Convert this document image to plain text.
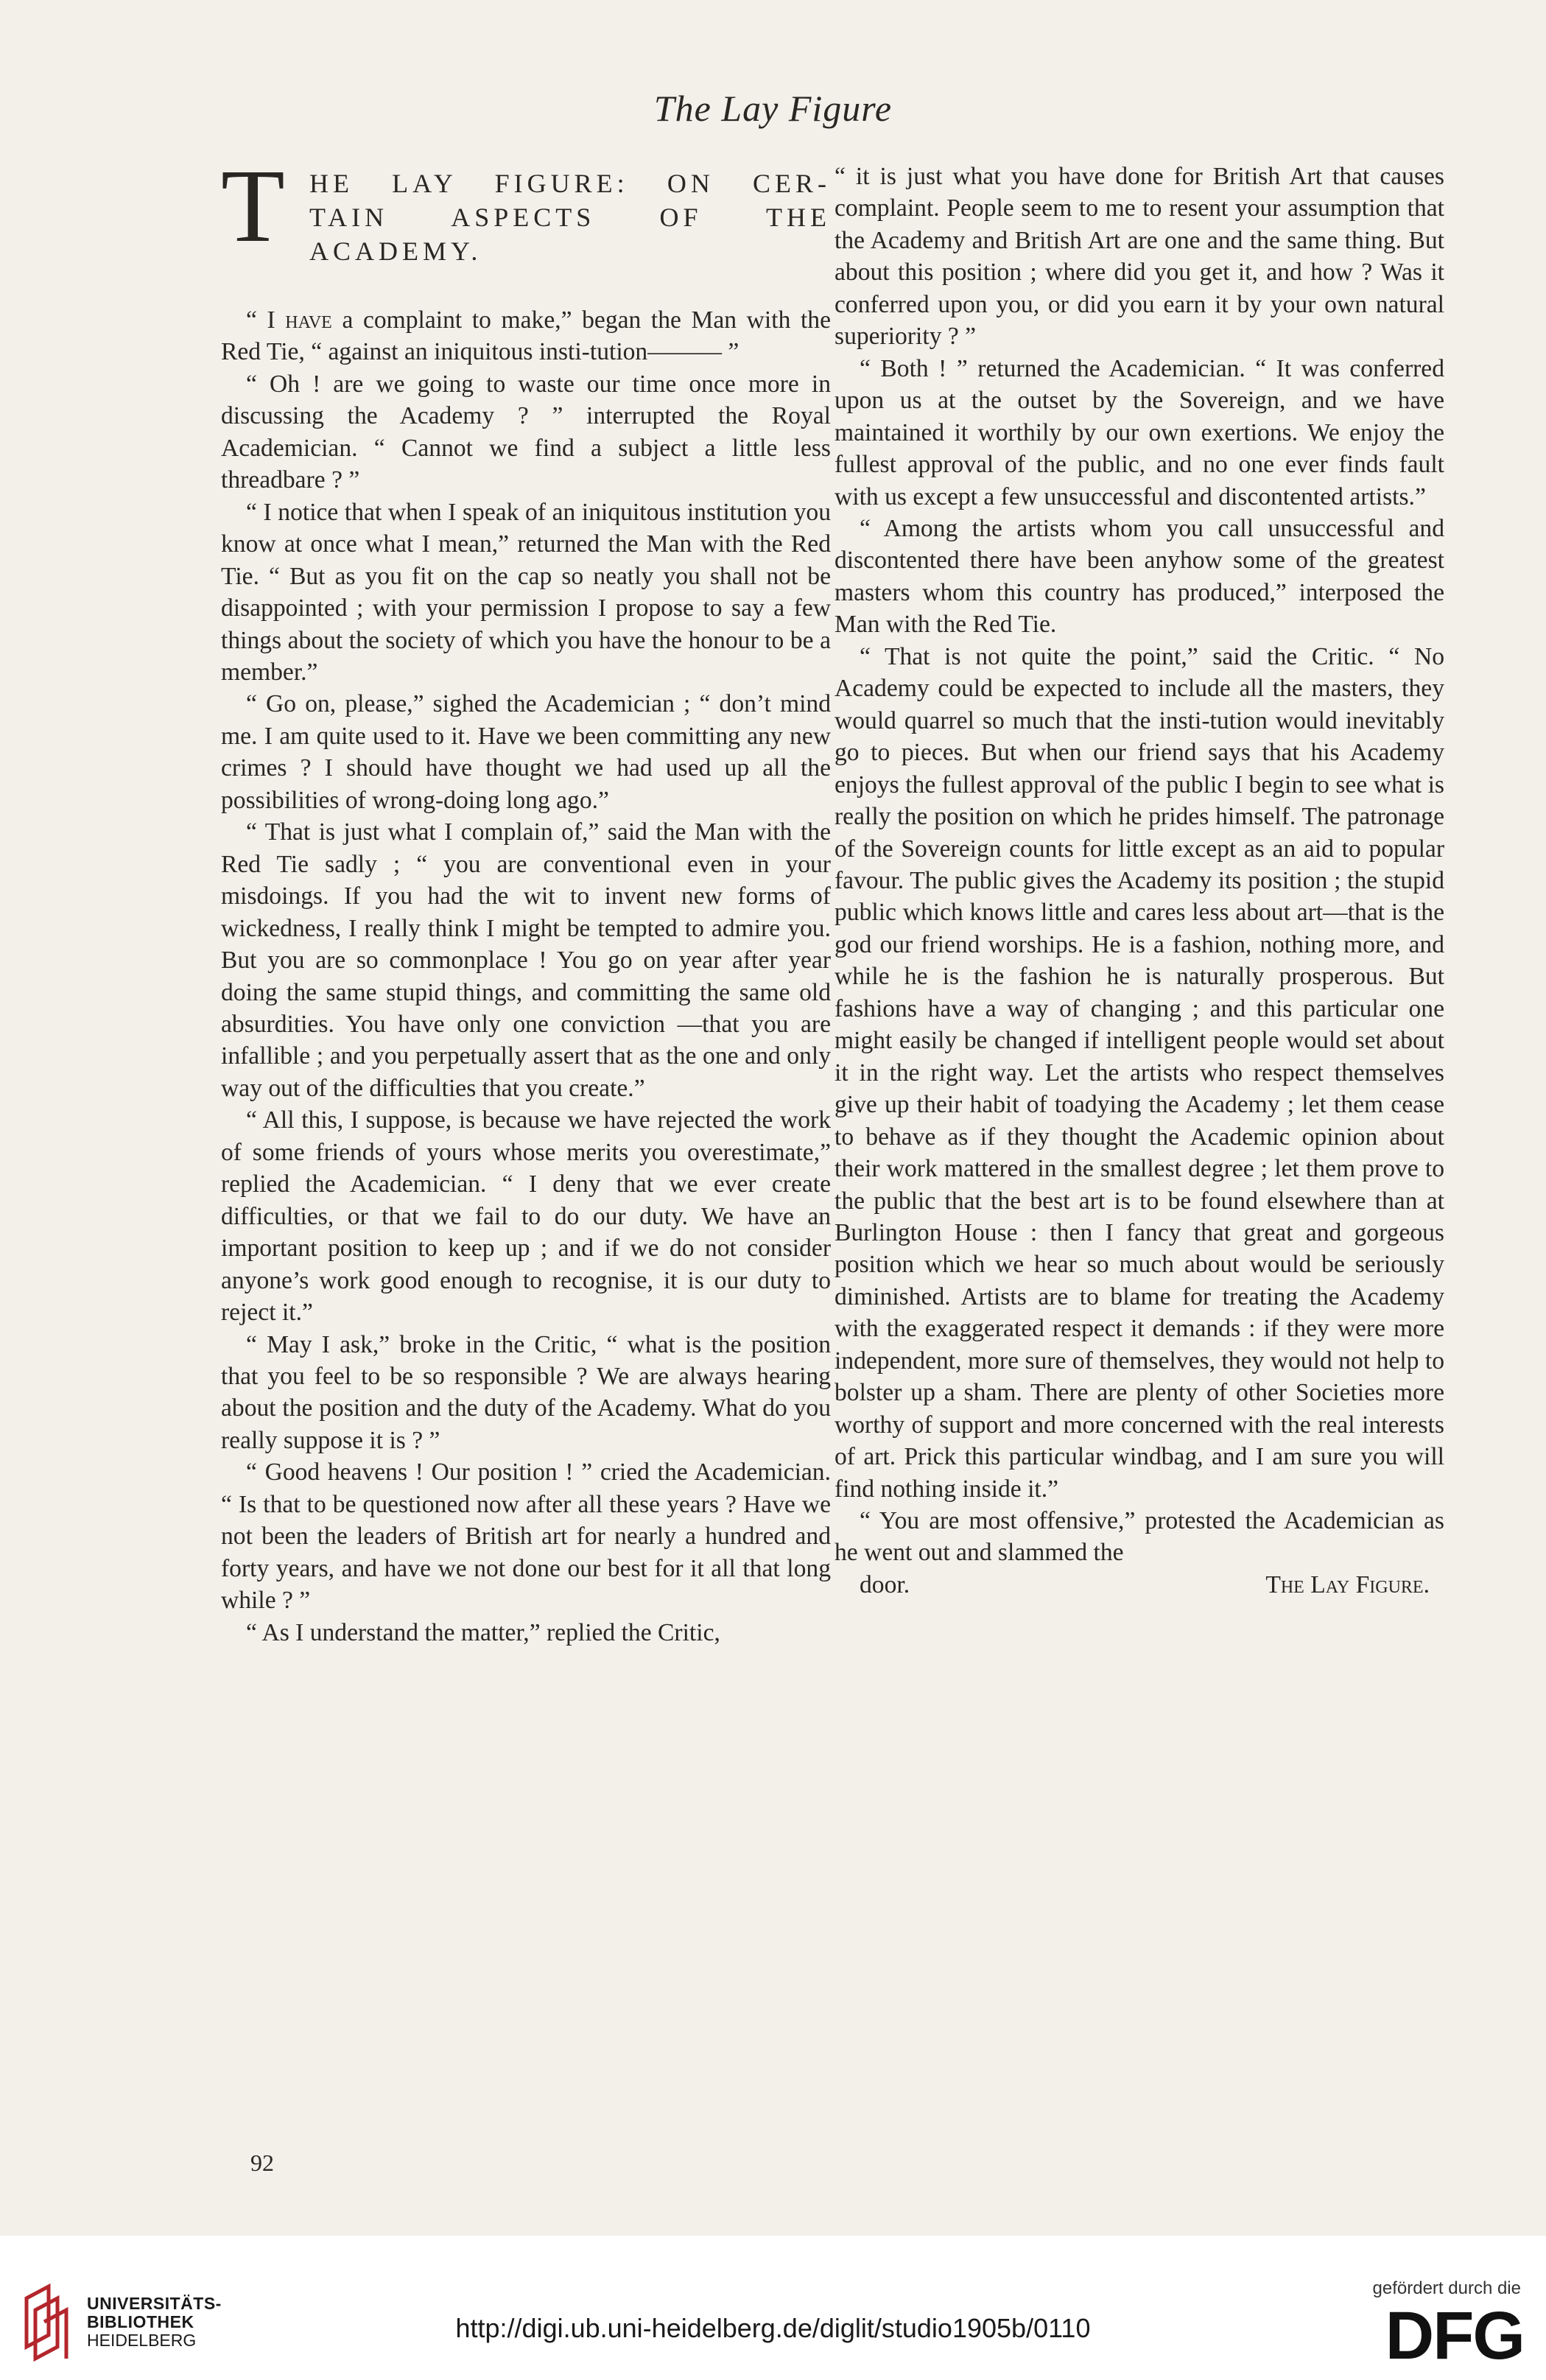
The Lay Figure
T HE LAY FIGURE: ON CER-
TAIN ASPECTS OF THE
ACADEMY.

“ I have a complaint to make,” began the Man with the Red Tie, “ against an iniquitous insti-tution——— ”

“ Oh ! are we going to waste our time once more in discussing the Academy ? ” interrupted the Royal Academician. “ Cannot we find a subject a little less threadbare ? ”

“ I notice that when I speak of an iniquitous institution you know at once what I mean,” returned the Man with the Red Tie. “ But as you fit on the cap so neatly you shall not be disappointed ; with your permission I propose to say a few things about the society of which you have the honour to be a member.”

“ Go on, please,” sighed the Academician ; “ don’t mind me. I am quite used to it. Have we been committing any new crimes ? I should have thought we had used up all the possibilities of wrong-doing long ago.”

“ That is just what I complain of,” said the Man with the Red Tie sadly ; “ you are conventional even in your misdoings. If you had the wit to invent new forms of wickedness, I really think I might be tempted to admire you. But you are so commonplace ! You go on year after year doing the same stupid things, and committing the same old absurdities. You have only one conviction —that you are infallible ; and you perpetually assert that as the one and only way out of the difficulties that you create.”

“ All this, I suppose, is because we have rejected the work of some friends of yours whose merits you overestimate,” replied the Academician. “ I deny that we ever create difficulties, or that we fail to do our duty. We have an important position to keep up ; and if we do not consider anyone’s work good enough to recognise, it is our duty to reject it.”

“ May I ask,” broke in the Critic, “ what is the position that you feel to be so responsible ? We are always hearing about the position and the duty of the Academy. What do you really suppose it is ? ”

“ Good heavens ! Our position ! ” cried the Academician. “ Is that to be questioned now after all these years ? Have we not been the leaders of British art for nearly a hundred and forty years, and have we not done our best for it all that long while ? ”

“ As I understand the matter,” replied the Critic,

“ it is just what you have done for British Art that causes complaint. People seem to me to resent your assumption that the Academy and British Art are one and the same thing. But about this position ; where did you get it, and how ? Was it conferred upon you, or did you earn it by your own natural superiority ? ”

“ Both ! ” returned the Academician. “ It was conferred upon us at the outset by the Sovereign, and we have maintained it worthily by our own exertions. We enjoy the fullest approval of the public, and no one ever finds fault with us except a few unsuccessful and discontented artists.”

“ Among the artists whom you call unsuccessful and discontented there have been anyhow some of the greatest masters whom this country has produced,” interposed the Man with the Red Tie.

“ That is not quite the point,” said the Critic. “ No Academy could be expected to include all the masters, they would quarrel so much that the insti-tution would inevitably go to pieces. But when our friend says that his Academy enjoys the fullest approval of the public I begin to see what is really the position on which he prides himself. The patronage of the Sovereign counts for little except as an aid to popular favour. The public gives the Academy its position ; the stupid public which knows little and cares less about art—that is the god our friend worships. He is a fashion, nothing more, and while he is the fashion he is naturally prosperous. But fashions have a way of changing ; and this particular one might easily be changed if intelligent people would set about it in the right way. Let the artists who respect themselves give up their habit of toadying the Academy ; let them cease to behave as if they thought the Academic opinion about their work mattered in the smallest degree ; let them prove to the public that the best art is to be found elsewhere than at Burlington House : then I fancy that great and gorgeous position which we hear so much about would be seriously diminished. Artists are to blame for treating the Academy with the exaggerated respect it demands : if they were more independent, more sure of themselves, they would not help to bolster up a sham. There are plenty of other Societies more worthy of support and more concerned with the real interests of art. Prick this particular windbag, and I am sure you will find nothing inside it.”

“ You are most offensive,” protested the Academician as he went out and slammed the

door.	The Lay Figure.

92
UNIVERSITÄTS-
BIBLIOTHEK
HEIDELBERG	http://digi.ub.uni-heidelberg.de/diglit/studio1905b/0110
gefördert durch die
DFG
